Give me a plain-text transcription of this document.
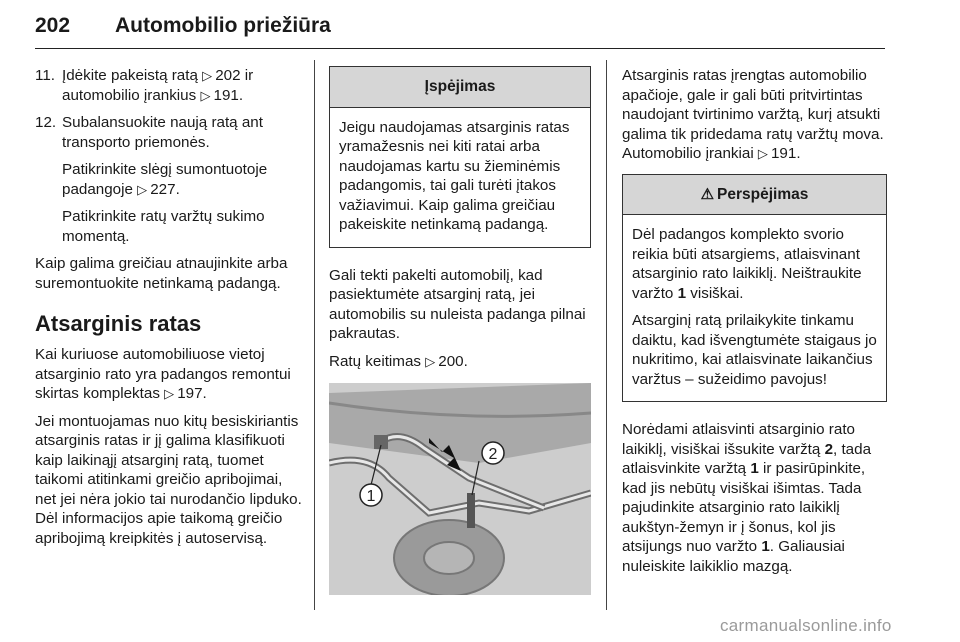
202 Automobilio priežiūra
11. Įdėkite pakeistą ratą ▷  202 ir automobilio įrankius ▷  191.
12. Subalansuokite naują ratą ant transporto priemonės.
Patikrinkite slėgį sumontuotoje padangoje ▷  227.
Patikrinkite ratų varžtų sukimo momentą.

Kaip galima greičiau atnaujinkite arba suremontuokite netinkamą padangą.

Atsarginis ratas

Kai kuriuose automobiliuose vietoj atsarginio rato yra padangos remontui skirtas komplektas ▷  197.

Jei montuojamas nuo kitų besiskiriantis atsarginis ratas ir jį galima klasifikuoti kaip laikinąjį atsarginį ratą, tuomet taikomi atitinkami greičio apribojimai, net jei nėra jokio tai nurodančio lipduko. Dėl informacijos apie taikomą greičio apribojimą kreipkitės į autoservisą.

Įspėjimas

Jeigu naudojamas atsarginis ratas yramažesnis nei kiti ratai arba naudojamas kartu su žieminėmis padangomis, tai gali turėti įtakos važiavimui. Kaip galima greičiau pakeiskite netinkamą padangą.

Gali tekti pakelti automobilį, kad pasiektumėte atsarginį ratą, jei automobilis su nuleista padanga pilnai pakrautas.

Ratų keitimas ▷  200.

1
2

Atsarginis ratas įrengtas automobilio apačioje, gale ir gali būti pritvirtintas naudojant tvirtinimo varžtą, kurį atsukti galima tik pridedama ratų varžtų mova. Automobilio įrankiai ▷  191.

⚠ Perspėjimas

Dėl padangos komplekto svorio reikia būti atsargiems, atlaisvinant atsarginio rato laikiklį. Neištraukite varžto 1 visiškai.

Atsarginį ratą prilaikykite tinkamu daiktu, kad išvengtumėte staigaus jo nukritimo, kai atlaisvinate laikančius varžtus – sužeidimo pavojus!

Norėdami atlaisvinti atsarginio rato laikiklį, visiškai išsukite varžtą 2, tada atlaisvinkite varžtą 1 ir pasirūpinkite, kad jis nebūtų visiškai išimtas. Tada pajudinkite atsarginio rato laikiklį aukštyn-žemyn ir į šonus, kol jis atsijungs nuo varžto 1. Galiausiai nuleiskite laikiklio mazgą.

carmanualsonline.info
